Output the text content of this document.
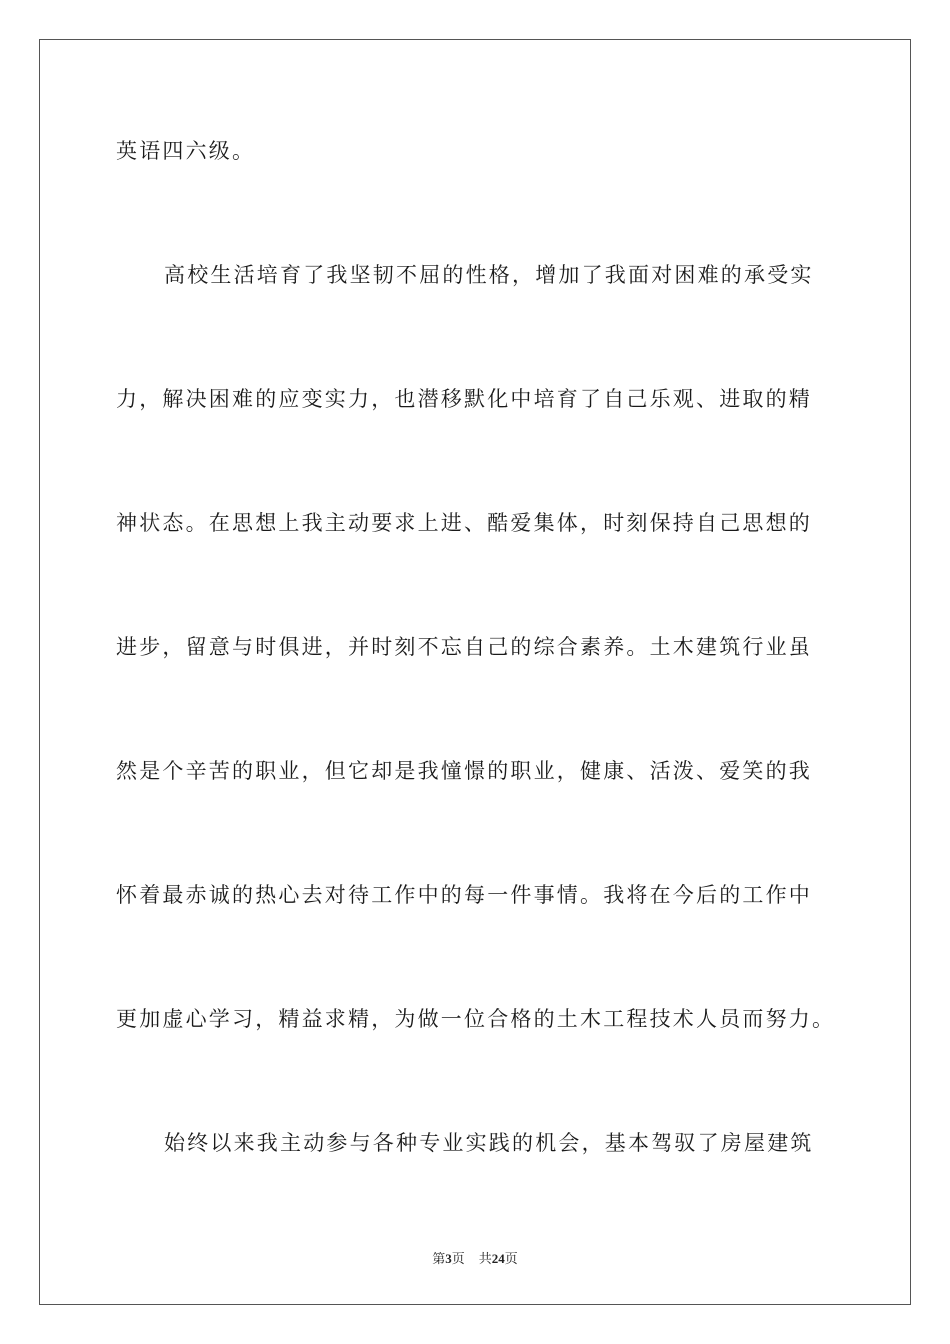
英语四六级。
高校生活培育了我坚韧不屈的性格，增加了我面对困难的承受实
力，解决困难的应变实力，也潜移默化中培育了自己乐观、进取的精
神状态。在思想上我主动要求上进、酷爱集体，时刻保持自己思想的
进步，留意与时俱进，并时刻不忘自己的综合素养。土木建筑行业虽
然是个辛苦的职业，但它却是我憧憬的职业，健康、活泼、爱笑的我
怀着最赤诚的热心去对待工作中的每一件事情。我将在今后的工作中
更加虚心学习，精益求精，为做一位合格的土木工程技术人员而努力。
始终以来我主动参与各种专业实践的机会，基本驾驭了房屋建筑
第3页 共24页
